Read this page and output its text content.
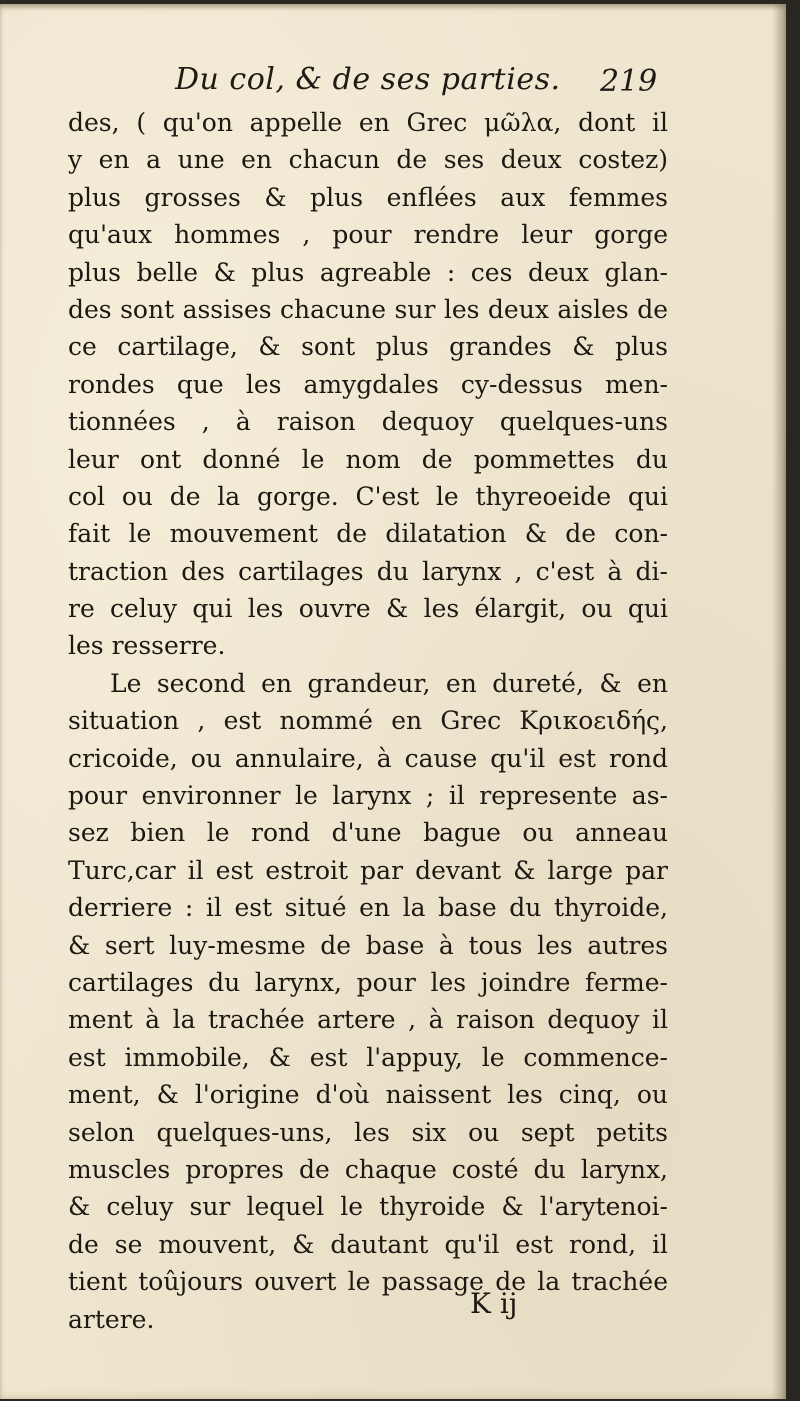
Du col, & de ses parties. 219
des, ( qu'on appelle en Grec μῶλα, dont il
y en a une en chacun de ses deux costez)
plus grosses & plus enflées aux femmes
qu'aux hommes , pour rendre leur gorge
plus belle & plus agreable : ces deux glan-
des sont assises chacune sur les deux aisles de
ce cartilage, & sont plus grandes & plus
rondes que les amygdales cy-dessus men-
tionnées , à raison dequoy quelques-uns
leur ont donné le nom de pommettes du
col ou de la gorge. C'est le thyreoeide qui
fait le mouvement de dilatation & de con-
traction des cartilages du larynx , c'est à di-
re celuy qui les ouvre & les élargit, ou qui
les resserre.
Le second en grandeur, en dureté, & en
situation , est nommé en Grec Κρικοειδής,
cricoide, ou annulaire, à cause qu'il est rond
pour environner le larynx ; il represente as-
sez bien le rond d'une bague ou anneau
Turc,car il est estroit par devant & large par
derriere : il est situé en la base du thyroide,
& sert luy-mesme de base à tous les autres
cartilages du larynx, pour les joindre ferme-
ment à la trachée artere , à raison dequoy il
est immobile, & est l'appuy, le commence-
ment, & l'origine d'où naissent les cinq, ou
selon quelques-uns, les six ou sept petits
muscles propres de chaque costé du larynx,
& celuy sur lequel le thyroide & l'arytenoi-
de se mouvent, & dautant qu'il est rond, il
tient toûjours ouvert le passage de la trachée
artere.	K ij
